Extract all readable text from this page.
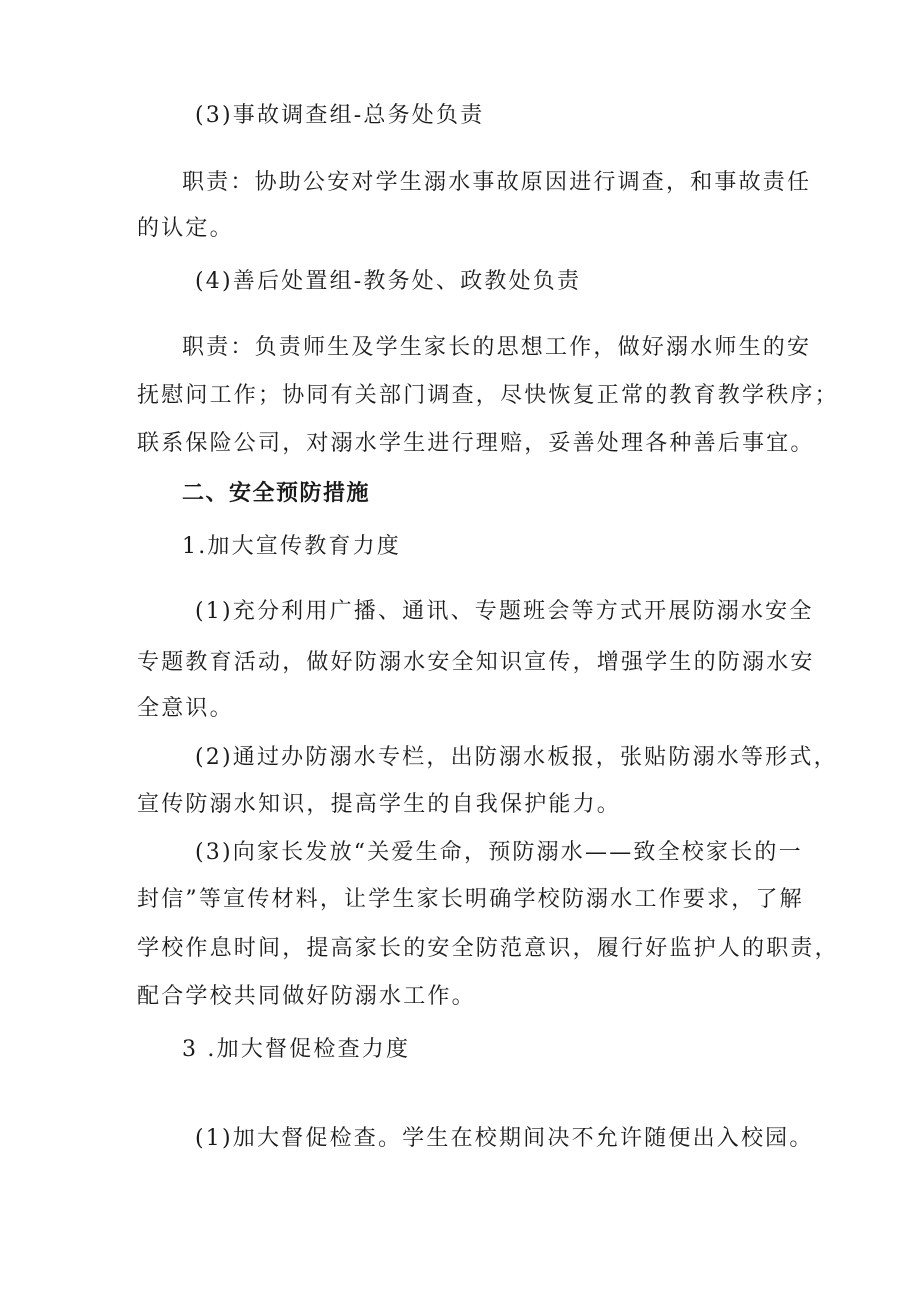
(3)事故调查组-总务处负责
职责：协助公安对学生溺水事故原因进行调查，和事故责任
的认定。
(4)善后处置组-教务处、政教处负责
职责：负责师生及学生家长的思想工作，做好溺水师生的安
抚慰问工作；协同有关部门调查，尽快恢复正常的教育教学秩序；
联系保险公司，对溺水学生进行理赔，妥善处理各种善后事宜。
二、安全预防措施
1.加大宣传教育力度
(1)充分利用广播、通讯、专题班会等方式开展防溺水安全
专题教育活动，做好防溺水安全知识宣传，增强学生的防溺水安
全意识。
(2)通过办防溺水专栏，出防溺水板报，张贴防溺水等形式，
宣传防溺水知识，提高学生的自我保护能力。
(3)向家长发放“关爱生命，预防溺水——致全校家长的一
封信”等宣传材料，让学生家长明确学校防溺水工作要求，了解
学校作息时间，提高家长的安全防范意识，履行好监护人的职责，
配合学校共同做好防溺水工作。
3 .加大督促检查力度
(1)加大督促检查。学生在校期间决不允许随便出入校园。
